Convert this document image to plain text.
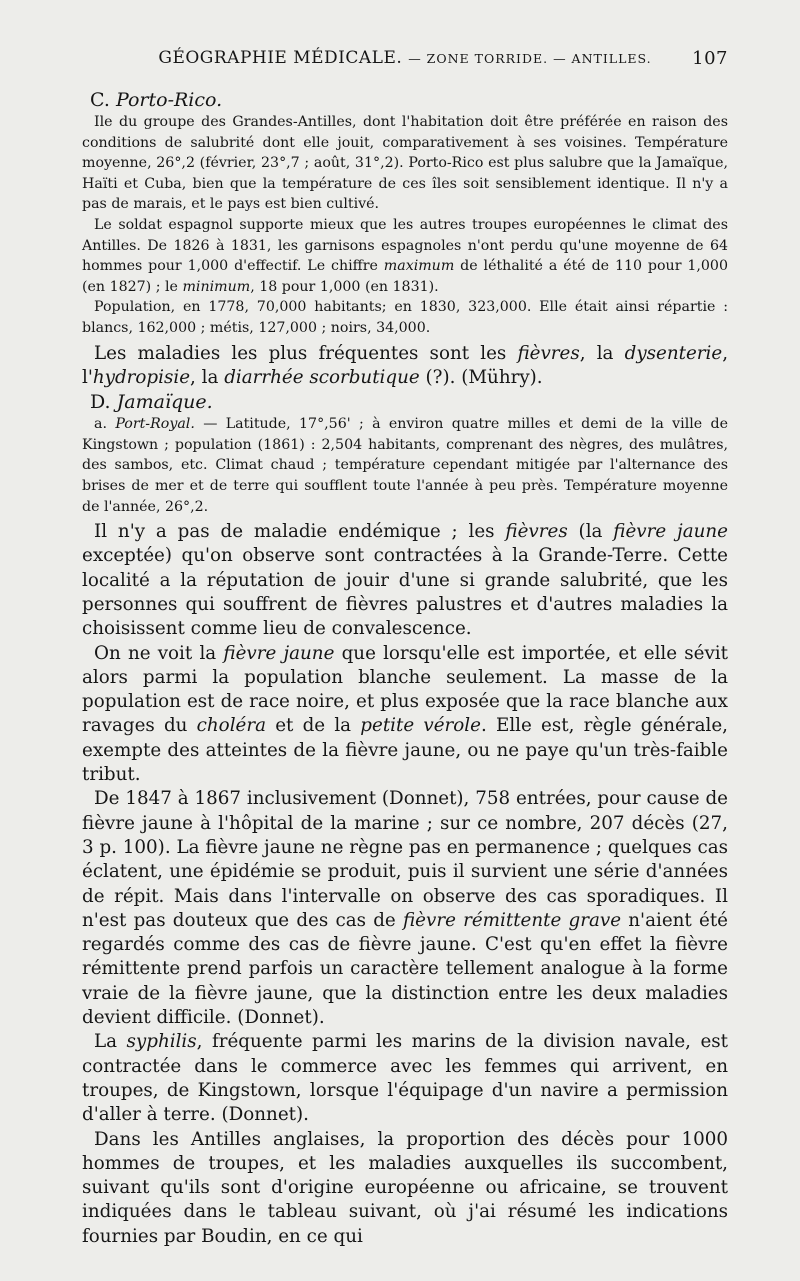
GÉOGRAPHIE MÉDICALE. — ZONE TORRIDE. — ANTILLES. 107
C. Porto-Rico.

Ile du groupe des Grandes-Antilles, dont l'habitation doit être préférée en raison des conditions de salubrité dont elle jouit, comparativement à ses voisines. Température moyenne, 26°,2 (février, 23°,7 ; août, 31°,2). Porto-Rico est plus salubre que la Jamaïque, Haïti et Cuba, bien que la température de ces îles soit sensiblement identique. Il n'y a pas de marais, et le pays est bien cultivé.

Le soldat espagnol supporte mieux que les autres troupes européennes le climat des Antilles. De 1826 à 1831, les garnisons espagnoles n'ont perdu qu'une moyenne de 64 hommes pour 1,000 d'effectif. Le chiffre maximum de léthalité a été de 110 pour 1,000 (en 1827) ; le minimum, 18 pour 1,000 (en 1831).

Population, en 1778, 70,000 habitants; en 1830, 323,000. Elle était ainsi répartie : blancs, 162,000 ; métis, 127,000 ; noirs, 34,000.

Les maladies les plus fréquentes sont les fièvres, la dysenterie, l'hydropisie, la diarrhée scorbutique (?). (Mühry).

D. Jamaïque.

a. Port-Royal. — Latitude, 17°,56' ; à environ quatre milles et demi de la ville de Kingstown ; population (1861) : 2,504 habitants, comprenant des nègres, des mulâtres, des sambos, etc. Climat chaud ; température cependant mitigée par l'alternance des brises de mer et de terre qui soufflent toute l'année à peu près. Température moyenne de l'année, 26°,2.

Il n'y a pas de maladie endémique ; les fièvres (la fièvre jaune exceptée) qu'on observe sont contractées à la Grande-Terre. Cette localité a la réputation de jouir d'une si grande salubrité, que les personnes qui souffrent de fièvres palustres et d'autres maladies la choisissent comme lieu de convalescence.

On ne voit la fièvre jaune que lorsqu'elle est importée, et elle sévit alors parmi la population blanche seulement. La masse de la population est de race noire, et plus exposée que la race blanche aux ravages du choléra et de la petite vérole. Elle est, règle générale, exempte des atteintes de la fièvre jaune, ou ne paye qu'un très-faible tribut.

De 1847 à 1867 inclusivement (Donnet), 758 entrées, pour cause de fièvre jaune à l'hôpital de la marine ; sur ce nombre, 207 décès (27, 3 p. 100). La fièvre jaune ne règne pas en permanence ; quelques cas éclatent, une épidémie se produit, puis il survient une série d'années de répit. Mais dans l'intervalle on observe des cas sporadiques. Il n'est pas douteux que des cas de fièvre rémittente grave n'aient été regardés comme des cas de fièvre jaune. C'est qu'en effet la fièvre rémittente prend parfois un caractère tellement analogue à la forme vraie de la fièvre jaune, que la distinction entre les deux maladies devient difficile. (Donnet).

La syphilis, fréquente parmi les marins de la division navale, est contractée dans le commerce avec les femmes qui arrivent, en troupes, de Kingstown, lorsque l'équipage d'un navire a permission d'aller à terre. (Donnet).

Dans les Antilles anglaises, la proportion des décès pour 1000 hommes de troupes, et les maladies auxquelles ils succombent, suivant qu'ils sont d'origine européenne ou africaine, se trouvent indiquées dans le tableau suivant, où j'ai résumé les indications fournies par Boudin, en ce qui
